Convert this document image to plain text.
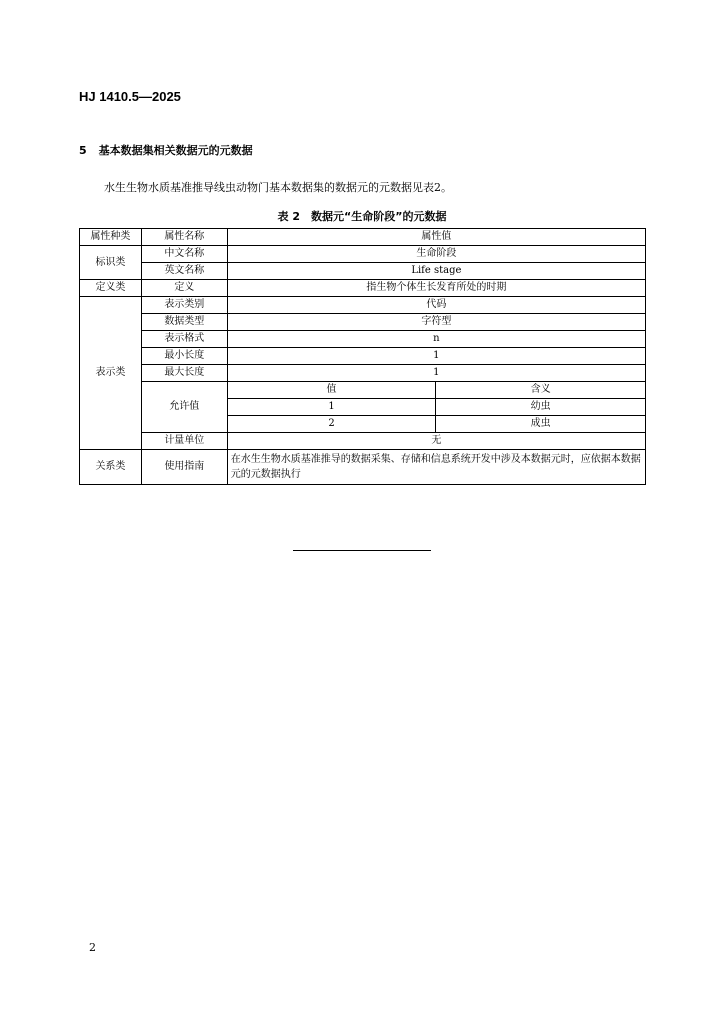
HJ 1410.5—2025
5 基本数据集相关数据元的元数据
水生生物水质基准推导线虫动物门基本数据集的数据元的元数据见表2。
表 2　数据元“生命阶段”的元数据
属性种类	属性名称	属性值	
标识类	中文名称	生命阶段	
	英文名称	Life stage	
定义类	定义	指生物个体生长发育所处的时期	
表示类	表示类别	代码	
	数据类型	字符型	
	表示格式	n	
	最小长度	1	
	最大长度	1	
	允许值	值	含义
		1	幼虫
		2	成虫
	计量单位	无	
关系类	使用指南	在水生生物水质基准推导的数据采集、存储和信息系统开发中涉及本数据元时，应依据本数据元的元数据执行	
2
